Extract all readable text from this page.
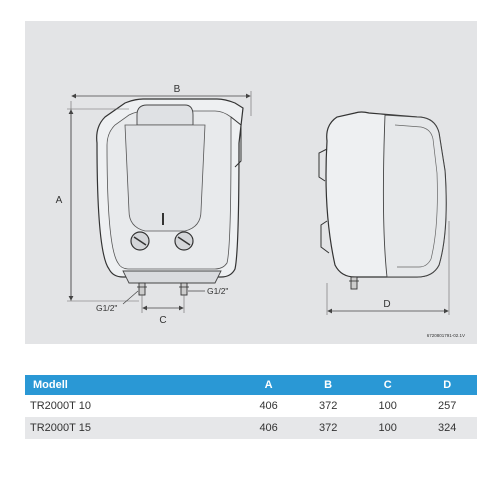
B
A
C
G1/2"
G1/2"
D
6720801791-02.1V
Modell	A	B	C	D
TR2000T 10	406	372	100	257
TR2000T 15	406	372	100	324
